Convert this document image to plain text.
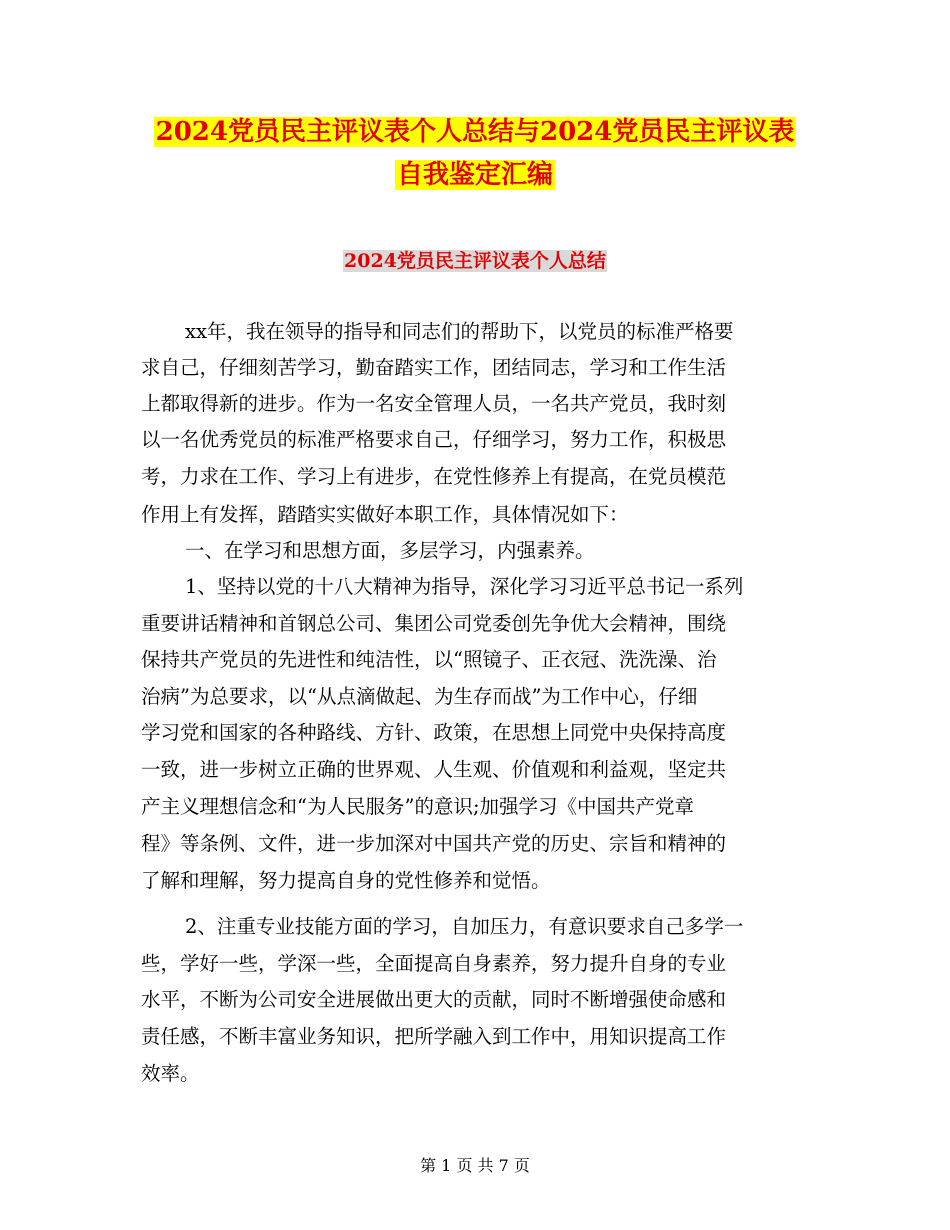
2024党员民主评议表个人总结与2024党员民主评议表
自我鉴定汇编
2024党员民主评议表个人总结
xx年，我在领导的指导和同志们的帮助下，以党员的标准严格要
求自己，仔细刻苦学习，勤奋踏实工作，团结同志，学习和工作生活
上都取得新的进步。作为一名安全管理人员，一名共产党员，我时刻
以一名优秀党员的标准严格要求自己，仔细学习，努力工作，积极思
考，力求在工作、学习上有进步，在党性修养上有提高，在党员模范
作用上有发挥，踏踏实实做好本职工作，具体情况如下：
一、在学习和思想方面，多层学习，内强素养。
1、坚持以党的十八大精神为指导，深化学习习近平总书记一系列
重要讲话精神和首钢总公司、集团公司党委创先争优大会精神，围绕
保持共产党员的先进性和纯洁性，以“照镜子、正衣冠、洗洗澡、治
治病”为总要求，以“从点滴做起、为生存而战”为工作中心，仔细
学习党和国家的各种路线、方针、政策，在思想上同党中央保持高度
一致，进一步树立正确的世界观、人生观、价值观和利益观，坚定共
产主义理想信念和“为人民服务”的意识;加强学习《中国共产党章
程》等条例、文件，进一步加深对中国共产党的历史、宗旨和精神的
了解和理解，努力提高自身的党性修养和觉悟。
2、注重专业技能方面的学习，自加压力，有意识要求自己多学一
些，学好一些，学深一些，全面提高自身素养，努力提升自身的专业
水平，不断为公司安全进展做出更大的贡献，同时不断增强使命感和
责任感，不断丰富业务知识，把所学融入到工作中，用知识提高工作
效率。
第 1 页 共 7 页
